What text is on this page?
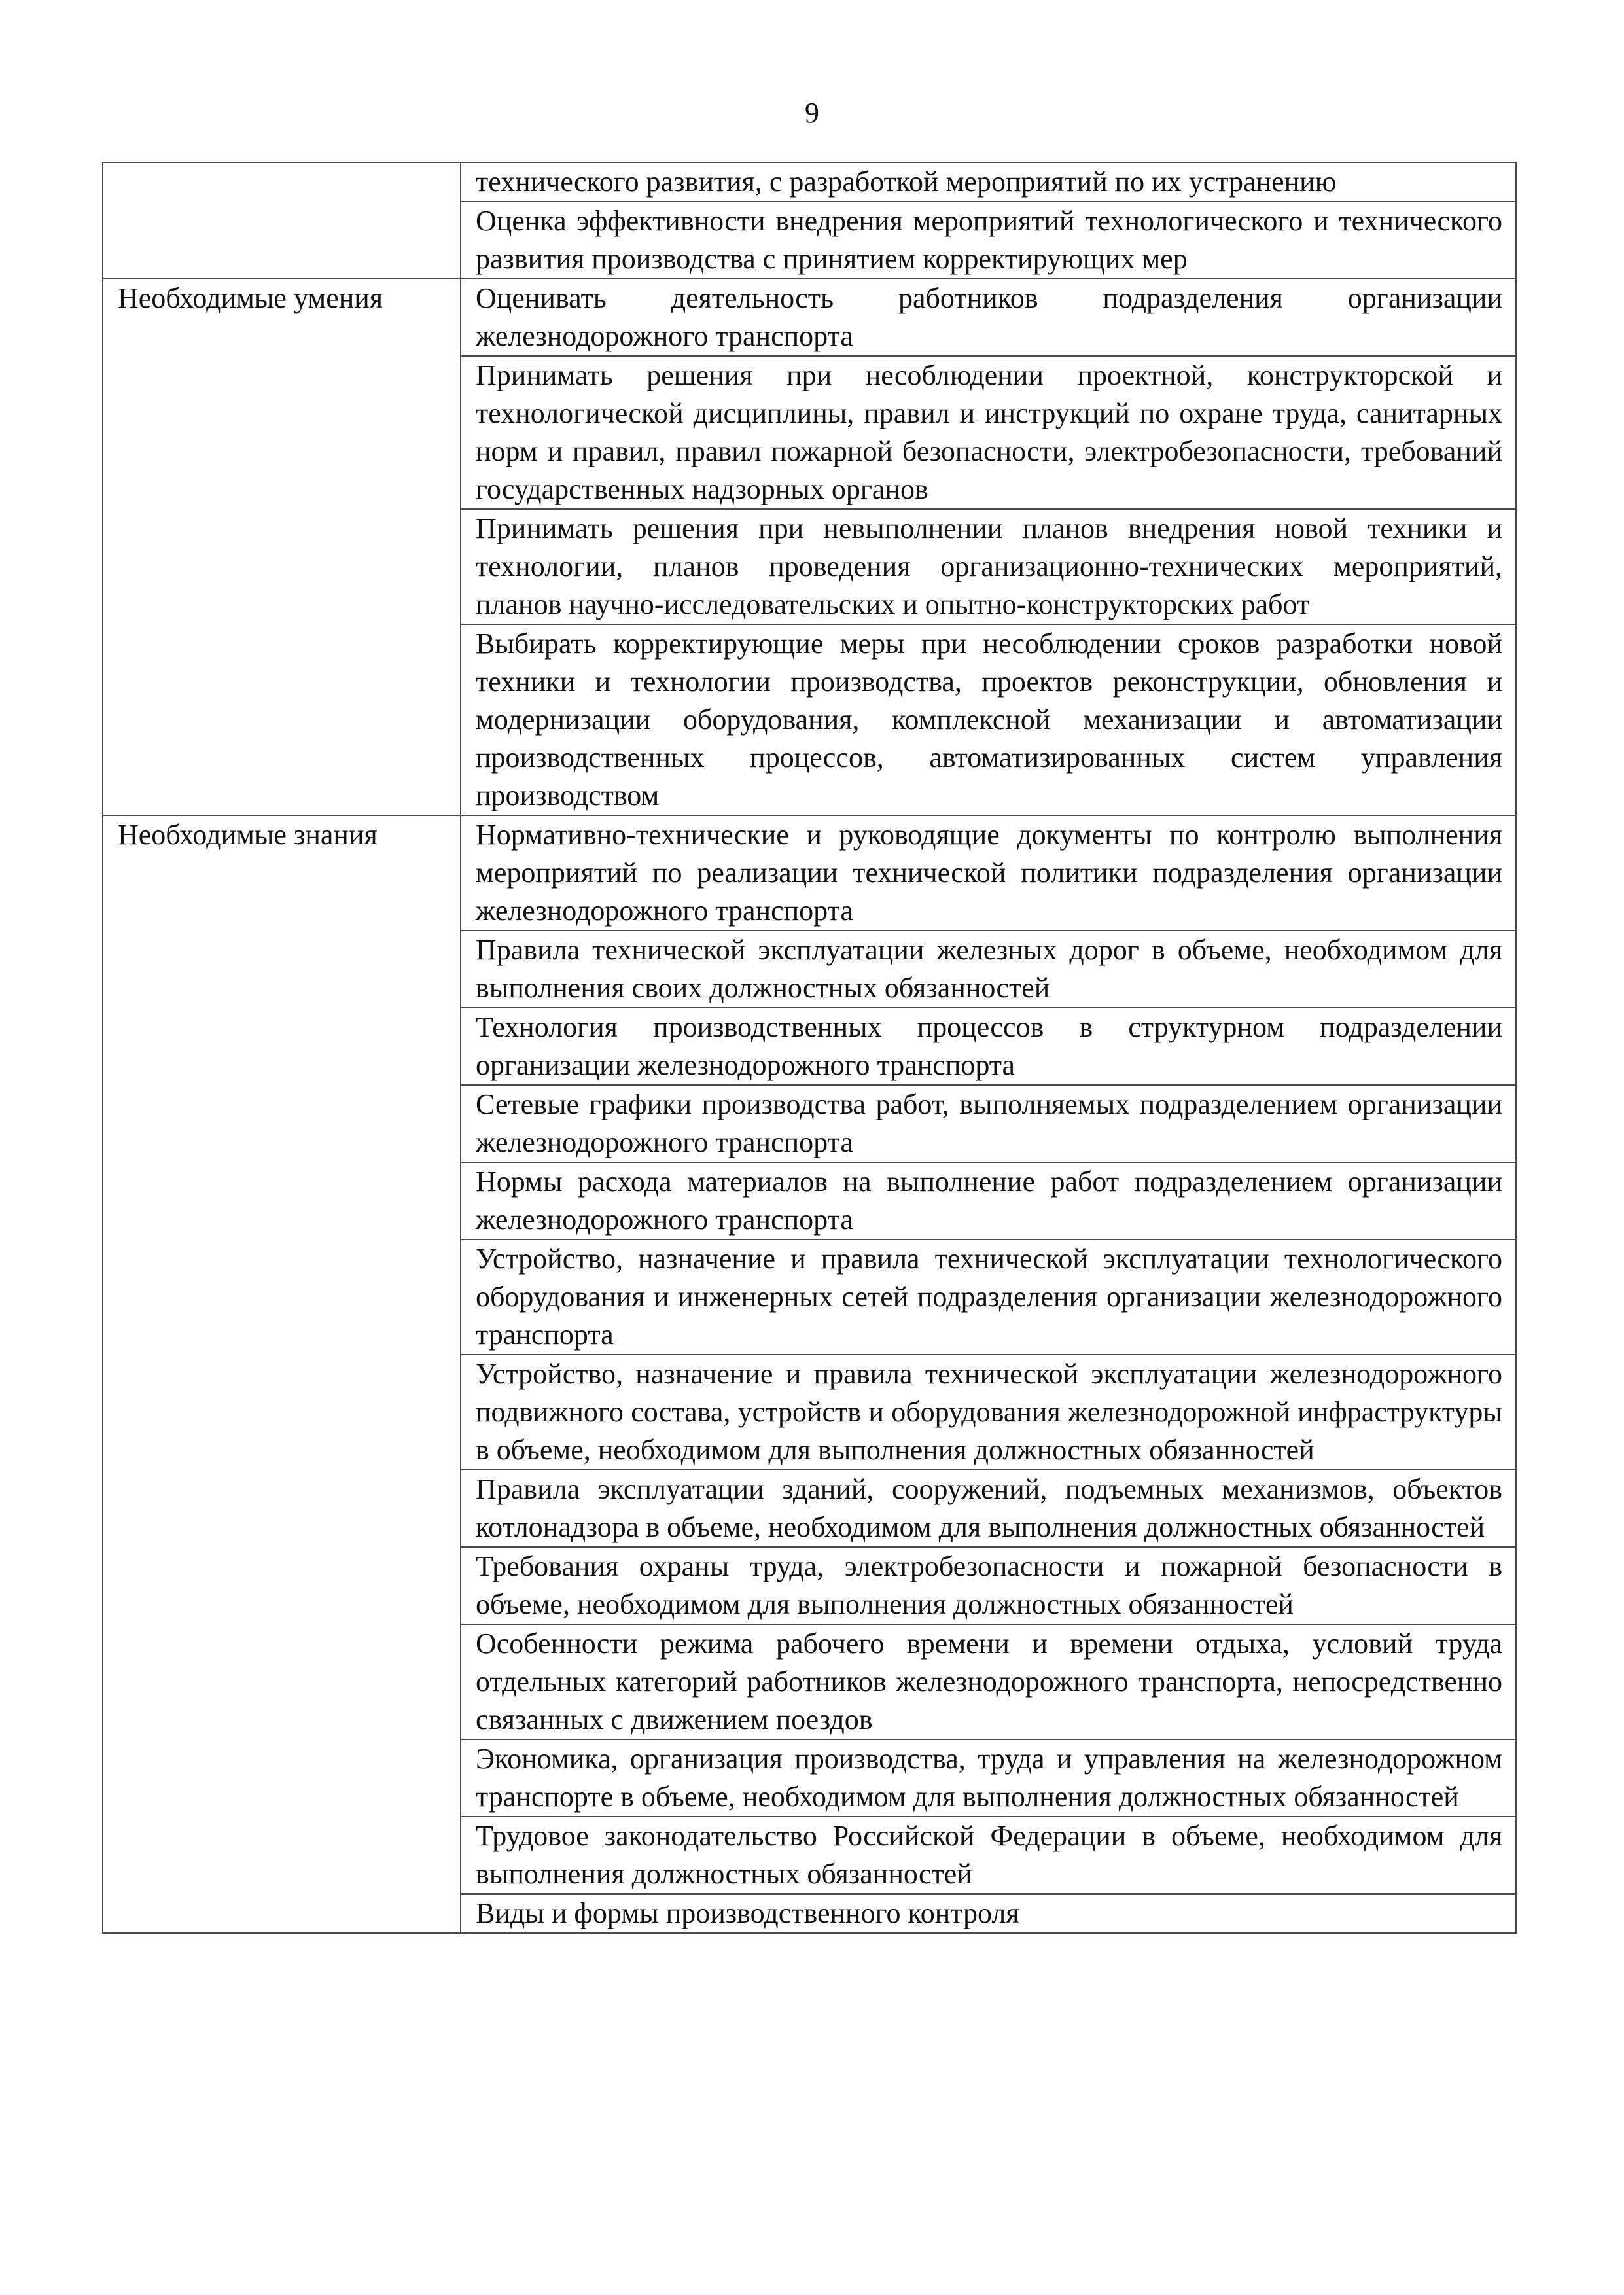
9
	технического развития, с разработкой мероприятий по их устранению
	Оценка эффективности внедрения мероприятий технологического и технического развития производства с принятием корректирующих мер
Необходимые умения	Оценивать деятельность работников подразделения организации железнодорожного транспорта
	Принимать решения при несоблюдении проектной, конструкторской и технологической дисциплины, правил и инструкций по охране труда, санитарных норм и правил, правил пожарной безопасности, электробезопасности, требований государственных надзорных органов
	Принимать решения при невыполнении планов внедрения новой техники и технологии, планов проведения организационно-технических мероприятий, планов научно-исследовательских и опытно-конструкторских работ
	Выбирать корректирующие меры при несоблюдении сроков разработки новой техники и технологии производства, проектов реконструкции, обновления и модернизации оборудования, комплексной механизации и автоматизации производственных процессов, автоматизированных систем управления производством
Необходимые знания	Нормативно-технические и руководящие документы по контролю выполнения мероприятий по реализации технической политики подразделения организации железнодорожного транспорта
	Правила технической эксплуатации железных дорог в объеме, необходимом для выполнения своих должностных обязанностей
	Технология производственных процессов в структурном подразделении организации железнодорожного транспорта
	Сетевые графики производства работ, выполняемых подразделением организации железнодорожного транспорта
	Нормы расхода материалов на выполнение работ подразделением организации железнодорожного транспорта
	Устройство, назначение и правила технической эксплуатации технологического оборудования и инженерных сетей подразделения организации железнодорожного транспорта
	Устройство, назначение и правила технической эксплуатации железнодорожного подвижного состава, устройств и оборудования железнодорожной инфраструктуры в объеме, необходимом для выполнения должностных обязанностей
	Правила эксплуатации зданий, сооружений, подъемных механизмов, объектов котлонадзора в объеме, необходимом для выполнения должностных обязанностей
	Требования охраны труда, электробезопасности и пожарной безопасности в объеме, необходимом для выполнения должностных обязанностей
	Особенности режима рабочего времени и времени отдыха, условий труда отдельных категорий работников железнодорожного транспорта, непосредственно связанных с движением поездов
	Экономика, организация производства, труда и управления на железнодорожном транспорте в объеме, необходимом для выполнения должностных обязанностей
	Трудовое законодательство Российской Федерации в объеме, необходимом для выполнения должностных обязанностей
	Виды и формы производственного контроля
